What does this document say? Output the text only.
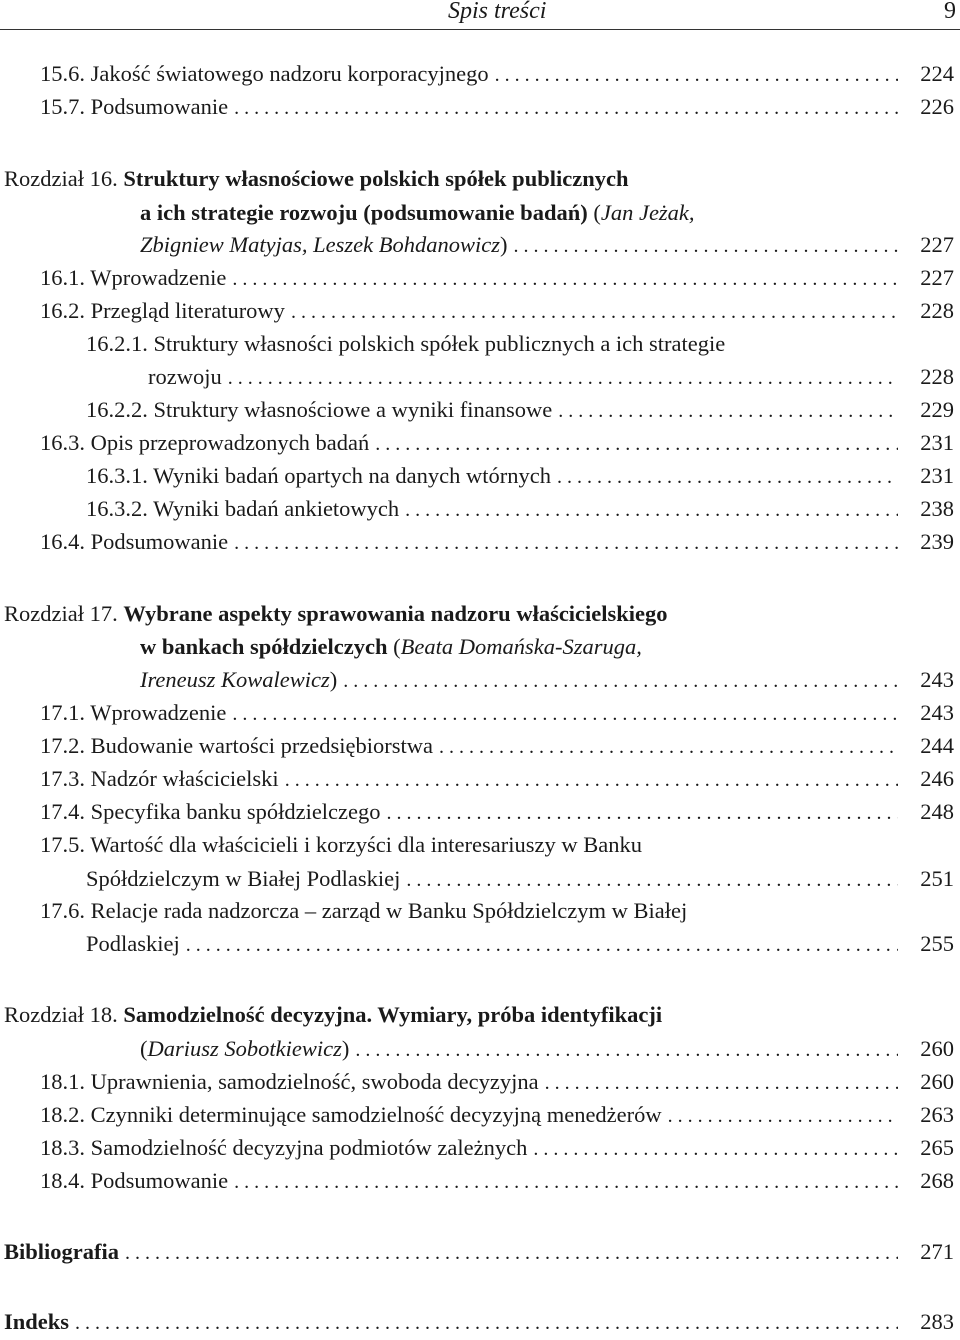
Spis treści	9
15.6. Jakość światowego nadzoru korporacyjnego . . .	224
15.7. Podsumowanie . . .	226
Rozdział 16. Struktury własnościowe polskich spółek publicznych
a ich strategie rozwoju (podsumowanie badań) (Jan Jeżak,
Zbigniew Matyjas, Leszek Bohdanowicz) . . .	227
16.1. Wprowadzenie . . .	227
16.2. Przegląd literaturowy . . .	228
16.2.1. Struktury własności polskich spółek publicznych a ich strategie
rozwoju . . .	228
16.2.2. Struktury własnościowe a wyniki finansowe . . .	229
16.3. Opis przeprowadzonych badań . . .	231
16.3.1. Wyniki badań opartych na danych wtórnych . . .	231
16.3.2. Wyniki badań ankietowych . . .	238
16.4. Podsumowanie . . .	239
Rozdział 17. Wybrane aspekty sprawowania nadzoru właścicielskiego
w bankach spółdzielczych (Beata Domańska-Szaruga,
Ireneusz Kowalewicz) . . .	243
17.1. Wprowadzenie . . .	243
17.2. Budowanie wartości przedsiębiorstwa . . .	244
17.3. Nadzór właścicielski . . .	246
17.4. Specyfika banku spółdzielczego . . .	248
17.5. Wartość dla właścicieli i korzyści dla interesariuszy w Banku
Spółdzielczym w Białej Podlaskiej . . .	251
17.6. Relacje rada nadzorcza – zarząd w Banku Spółdzielczym w Białej
Podlaskiej . . .	255
Rozdział 18. Samodzielność decyzyjna. Wymiary, próba identyfikacji
(Dariusz Sobotkiewicz) . . .	260
18.1. Uprawnienia, samodzielność, swoboda decyzyjna . . .	260
18.2. Czynniki determinujące samodzielność decyzyjną menedżerów . . .	263
18.3. Samodzielność decyzyjna podmiotów zależnych . . .	265
18.4. Podsumowanie . . .	268
Bibliografia . . .	271
Indeks . . .	283
